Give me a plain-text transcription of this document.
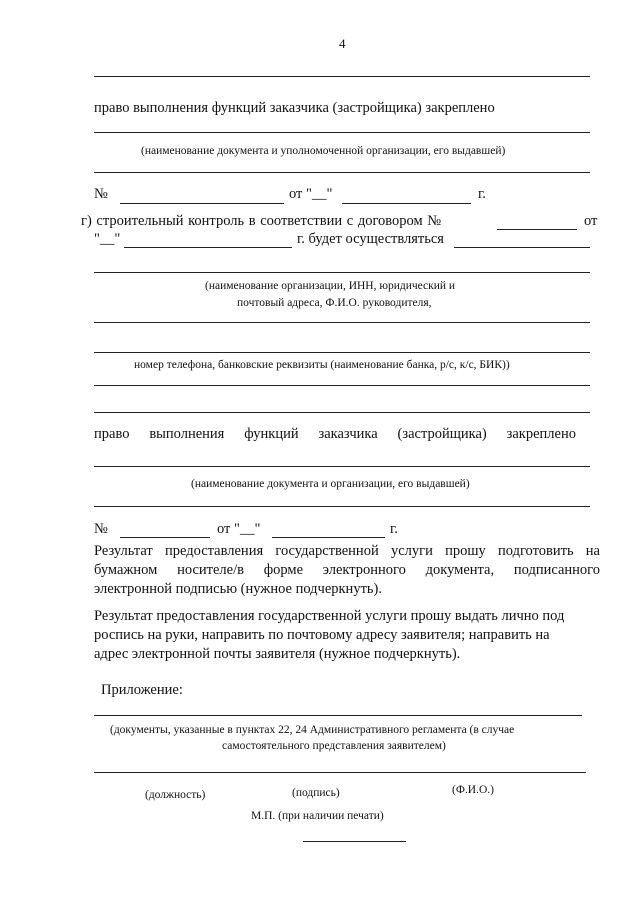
4
право выполнения функций заказчика (застройщика) закреплено
(наименование документа и уполномоченной организации, его выдавшей)
№	от "__"	г.
г) строительный контроль в соответствии с договором №	от
"__"	г. будет осуществляться
(наименование организации, ИНН, юридический и
почтовый адреса, Ф.И.О. руководителя,
номер телефона, банковские реквизиты (наименование банка, р/с, к/с, БИК))
право выполнения функций заказчика (застройщика) закреплено
(наименование документа и организации, его выдавшей)
№	от "__"	г.
Результат предоставления государственной услуги прошу подготовить на
бумажном носителе/в форме электронного документа, подписанного
электронной подписью (нужное подчеркнуть).
Результат предоставления государственной услуги прошу выдать лично под
роспись на руки, направить по почтовому адресу заявителя; направить на
адрес электронной почты заявителя (нужное подчеркнуть).
Приложение:
(документы, указанные в пунктах 22, 24 Административного регламента (в случае
самостоятельного представления заявителем)
(должность)	(подпись)	(Ф.И.О.)
М.П. (при наличии печати)
